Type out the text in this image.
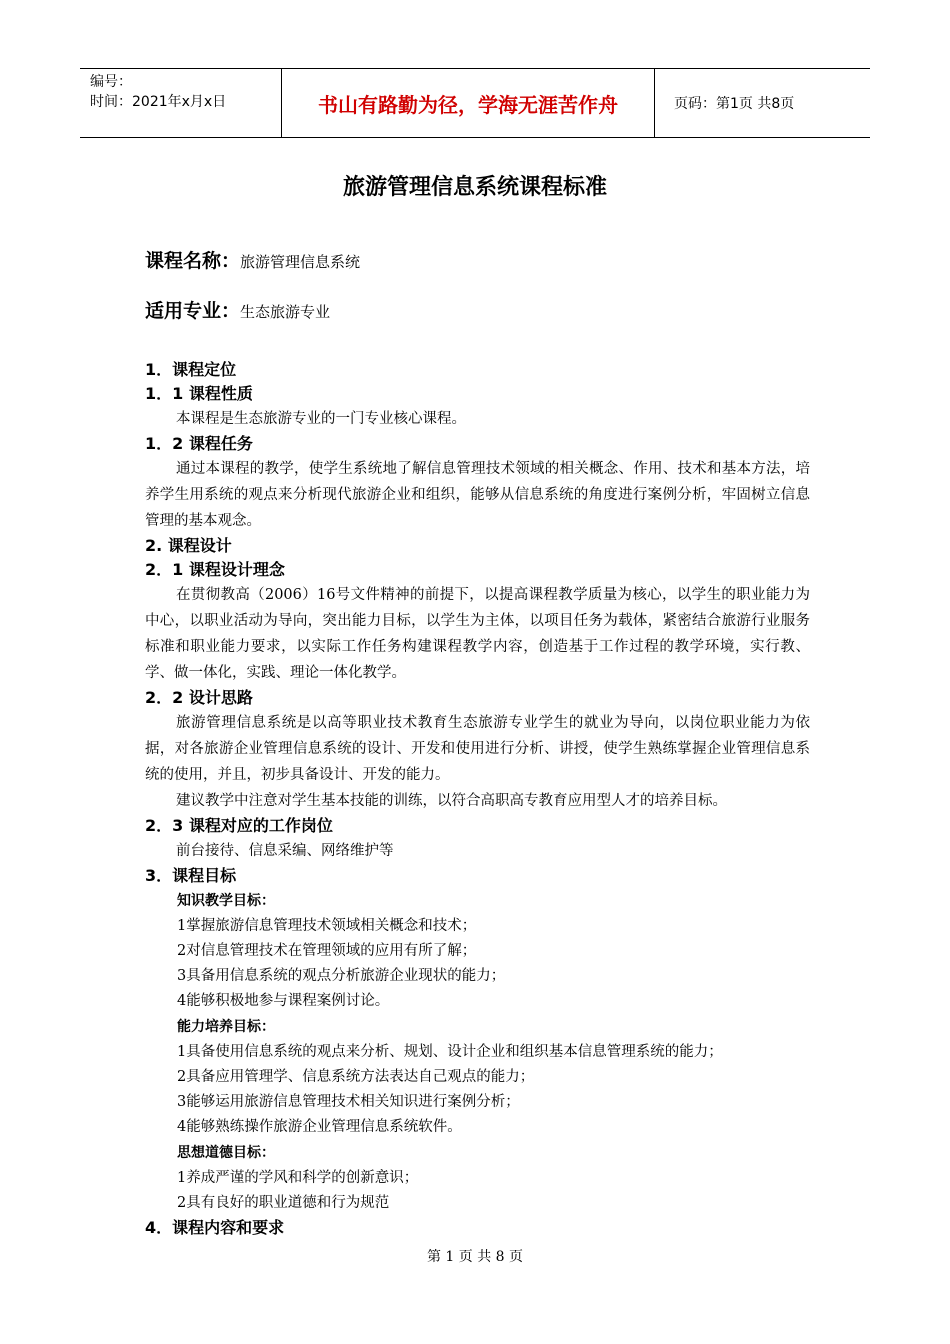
编号：
时间：2021年x月x日	书山有路勤为径，学海无涯苦作舟	页码：第1页 共8页
旅游管理信息系统课程标准
课程名称：旅游管理信息系统
适用专业：生态旅游专业
1．课程定位
1．1 课程性质

本课程是生态旅游专业的一门专业核心课程。

1．2 课程任务

通过本课程的教学，使学生系统地了解信息管理技术领域的相关概念、作用、技术和基本方法，培养学生用系统的观点来分析现代旅游企业和组织，能够从信息系统的角度进行案例分析，牢固树立信息管理的基本观念。

2. 课程设计
2．1 课程设计理念

在贯彻教高（2006）16号文件精神的前提下，以提高课程教学质量为核心，以学生的职业能力为中心，以职业活动为导向，突出能力目标，以学生为主体，以项目任务为载体，紧密结合旅游行业服务标准和职业能力要求，以实际工作任务构建课程教学内容，创造基于工作过程的教学环境，实行教、学、做一体化，实践、理论一体化教学。

2．2 设计思路

旅游管理信息系统是以高等职业技术教育生态旅游专业学生的就业为导向，以岗位职业能力为依据，对各旅游企业管理信息系统的设计、开发和使用进行分析、讲授，使学生熟练掌握企业管理信息系统的使用，并且，初步具备设计、开发的能力。

建议教学中注意对学生基本技能的训练，以符合高职高专教育应用型人才的培养目标。

2．3 课程对应的工作岗位

前台接待、信息采编、网络维护等

3．课程目标

知识教学目标：

1掌握旅游信息管理技术领域相关概念和技术；

2对信息管理技术在管理领域的应用有所了解；

3具备用信息系统的观点分析旅游企业现状的能力；

4能够积极地参与课程案例讨论。

能力培养目标：

1具备使用信息系统的观点来分析、规划、设计企业和组织基本信息管理系统的能力；

2具备应用管理学、信息系统方法表达自己观点的能力；

3能够运用旅游信息管理技术相关知识进行案例分析；

4能够熟练操作旅游企业管理信息系统软件。

思想道德目标：

1养成严谨的学风和科学的创新意识；

2具有良好的职业道德和行为规范

4．课程内容和要求
第 1 页 共 8 页
